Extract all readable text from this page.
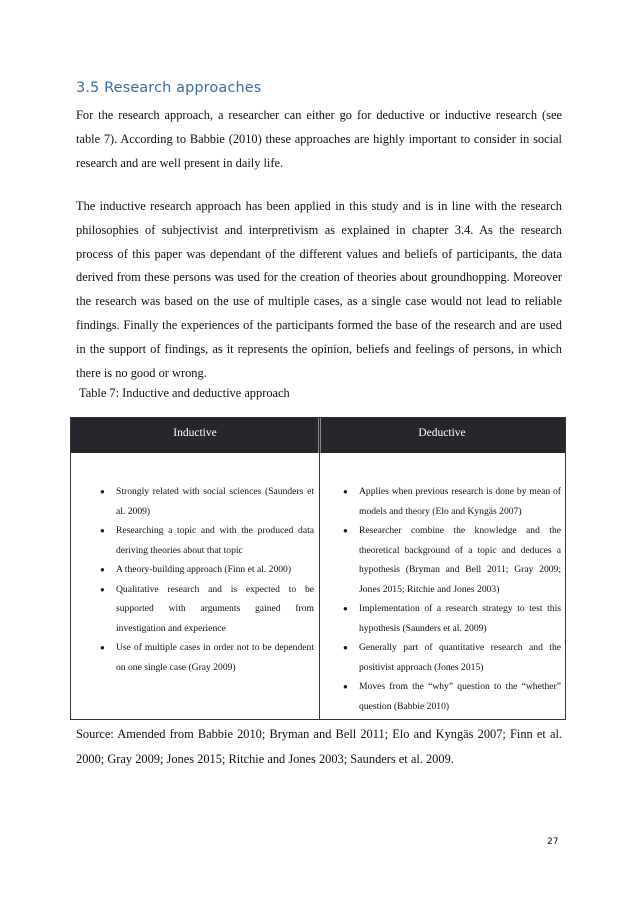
3.5 Research approaches

For the research approach, a researcher can either go for deductive or inductive research (see table 7). According to Babbie (2010) these approaches are highly important to consider in social research and are well present in daily life.

The inductive research approach has been applied in this study and is in line with the research philosophies of subjectivist and interpretivism as explained in chapter 3.4. As the research process of this paper was dependant of the different values and beliefs of participants, the data derived from these persons was used for the creation of theories about groundhopping. Moreover the research was based on the use of multiple cases, as a single case would not lead to reliable findings. Finally the experiences of the participants formed the base of the research and are used in the support of findings, as it represents the opinion, beliefs and feelings of persons, in which there is no good or wrong.

Table 7: Inductive and deductive approach
Inductive	Deductive
● Strongly related with social sciences (Saunders et al. 2009)
● Researching a topic and with the produced data deriving theories about that topic
● A theory-building approach (Finn et al. 2000)
● Qualitative research and is expected to be supported with arguments gained from investigation and experience
● Use of multiple cases in order not to be dependent on one single case (Gray 2009)
● Applies when previous research is done by mean of models and theory (Elo and Kyngäs 2007)
● Researcher combine the knowledge and the theoretical background of a topic and deduces a hypothesis (Bryman and Bell 2011; Gray 2009; Jones 2015; Ritchie and Jones 2003)
● Implementation of a research strategy to test this hypothesis (Saunders et al. 2009)
● Generally part of quantitative research and the positivist approach (Jones 2015)
● Moves from the “why” question to the “whether” question (Babbie 2010)

Source: Amended from Babbie 2010; Bryman and Bell 2011; Elo and Kyngäs 2007; Finn et al. 2000; Gray 2009; Jones 2015; Ritchie and Jones 2003; Saunders et al. 2009.

27
